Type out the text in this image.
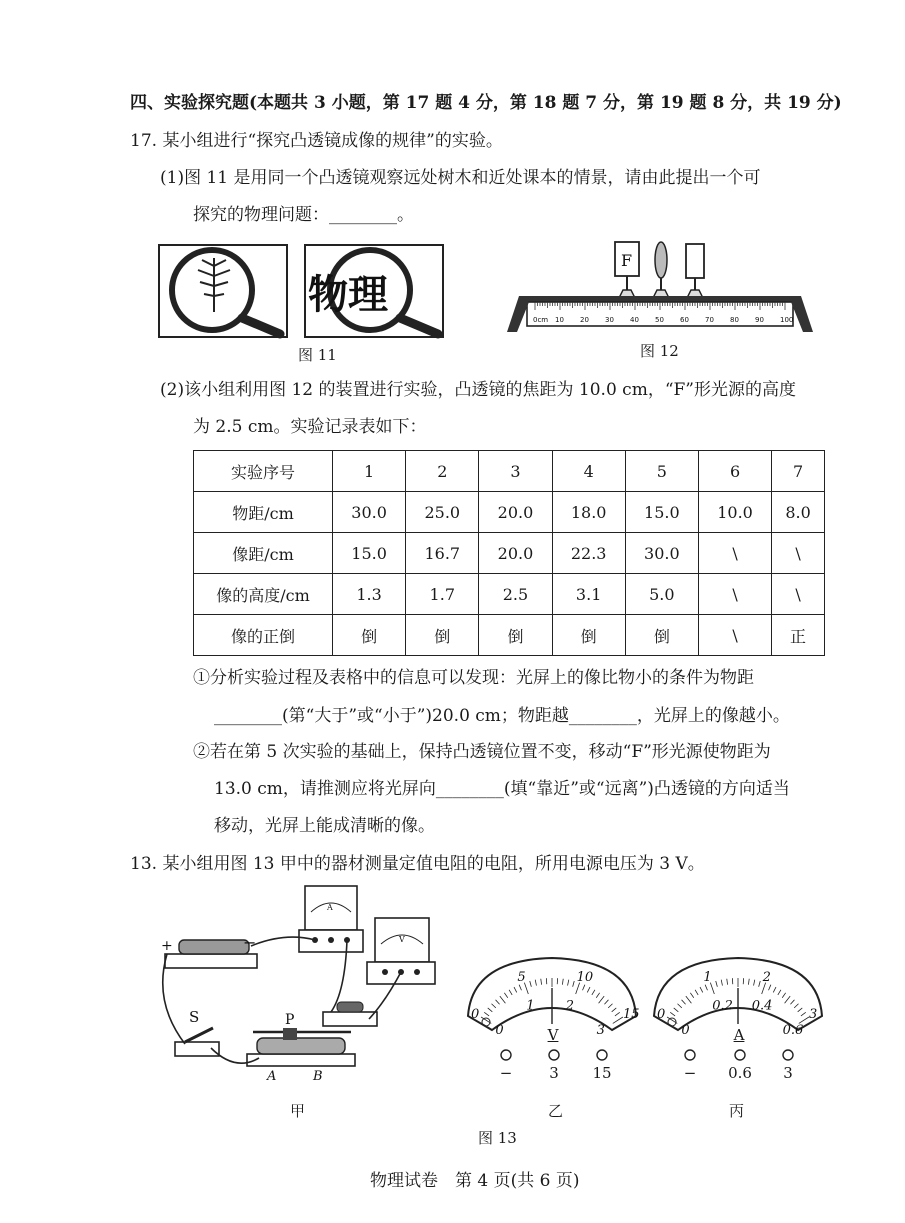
四、实验探究题(本题共 3 小题，第 17 题 4 分，第 18 题 7 分，第 19 题 8 分，共 19 分)
17. 某小组进行“探究凸透镜成像的规律”的实验。
(1)图 11 是用同一个凸透镜观察远处树木和近处课本的情景，请由此提出一个可
探究的物理问题：________。
物理
图 11
F
0cm 10 20 30 40 50 60 70 80 90 100
图 12
(2)该小组利用图 12 的装置进行实验，凸透镜的焦距为 10.0 cm，“F”形光源的高度
为 2.5 cm。实验记录表如下：
实验序号	1	2	3	4	5	6	7
物距/cm	30.0	25.0	20.0	18.0	15.0	10.0	8.0
像距/cm	15.0	16.7	20.0	22.3	30.0	\	\
像的高度/cm	1.3	1.7	2.5	3.1	5.0	\	\
像的正倒	倒	倒	倒	倒	倒	\	正
①分析实验过程及表格中的信息可以发现：光屏上的像比物小的条件为物距
________(第“大于”或“小于”)20.0 cm；物距越________，光屏上的像越小。
②若在第 5 次实验的基础上，保持凸透镜位置不变，移动“F”形光源使物距为
13.0 cm，请推测应将光屏向________(填“靠近”或“远离”)凸透镜的方向适当
移动，光屏上能成清晰的像。
13. 某小组用图 13 甲中的器材测量定值电阻的电阻，所用电源电压为 3 V。
+	−
A
V
S	P
A	B
甲
0
5	10
15
0
1 2
3
0
1	2
3
0
0.2 0.4
0.6
V	A
−	3	15	−	0.6	3
乙	丙
图 13
物理试卷　第 4 页(共 6 页)
